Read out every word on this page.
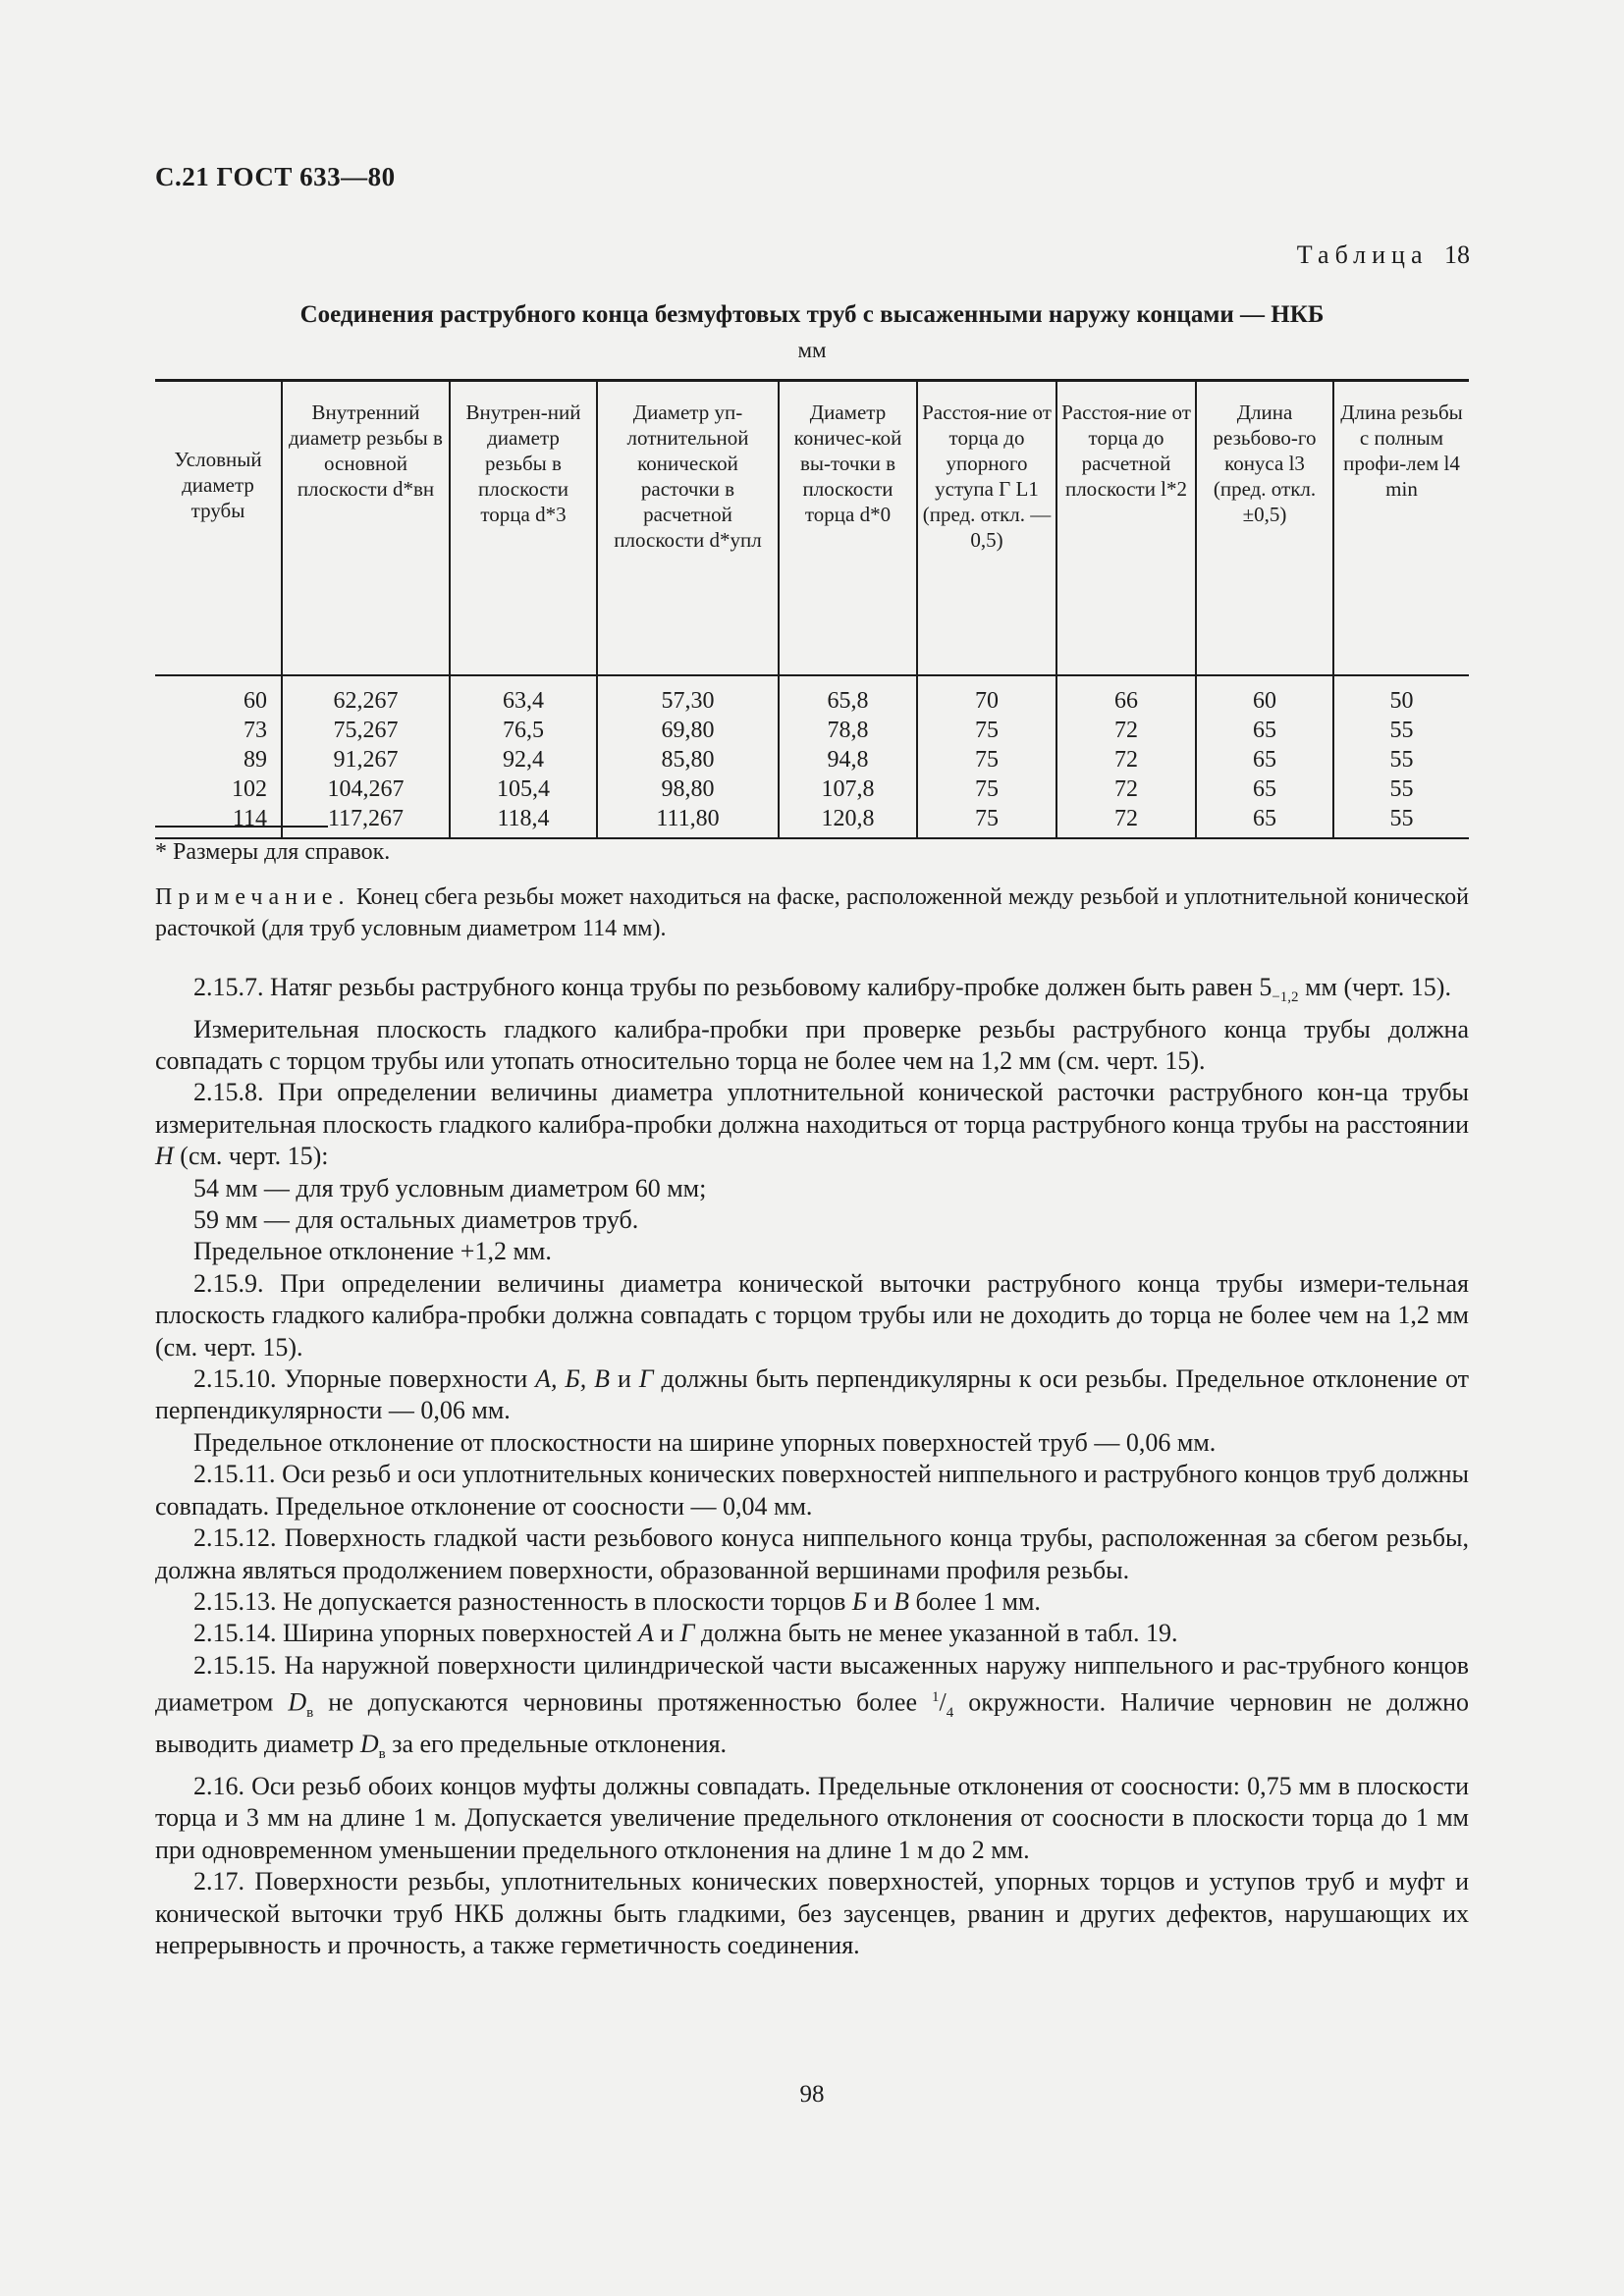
С.21 ГОСТ 633—80
Таблица 18
Соединения раструбного конца безмуфтовых труб с высаженными наружу концами — НКБ
мм
Условный диаметр трубы	Внутренний диаметр резьбы в основной плоскости d*вн	Внутрен-ний диаметр резьбы в плоскости торца d*3	Диаметр уп-лотнительной конической расточки в расчетной плоскости d*упл	Диаметр коничес-кой вы-точки в плоскости торца d*0	Расстоя-ние от торца до упорного уступа Г L1 (пред. откл. —0,5)	Расстоя-ние от торца до расчетной плоскости l*2	Длина резьбово-го конуса l3 (пред. откл. ±0,5)	Длина резьбы с полным профи-лем l4 min
60	62,267	63,4	57,30	65,8	70	66	60	50
73	75,267	76,5	69,80	78,8	75	72	65	55
89	91,267	92,4	85,80	94,8	75	72	65	55
102	104,267	105,4	98,80	107,8	75	72	65	55
114	117,267	118,4	111,80	120,8	75	72	65	55
* Размеры для справок.
Примечание. Конец сбега резьбы может находиться на фаске, расположенной между резьбой и уплотнительной конической расточкой (для труб условным диаметром 114 мм).

2.15.7. Натяг резьбы раструбного конца трубы по резьбовому калибру-пробке должен быть равен $5_{-1,2}$ мм (черт. 15).

Измерительная плоскость гладкого калибра-пробки при проверке резьбы раструбного конца трубы должна совпадать с торцом трубы или утопать относительно торца не более чем на 1,2 мм (см. черт. 15).

2.15.8. При определении величины диаметра уплотнительной конической расточки раструбного кон-ца трубы измерительная плоскость гладкого калибра-пробки должна находиться от торца раструбного конца трубы на расстоянии Н (см. черт. 15):

54 мм — для труб условным диаметром 60 мм;

59 мм — для остальных диаметров труб.

Предельное отклонение +1,2 мм.

2.15.9. При определении величины диаметра конической выточки раструбного конца трубы измери-тельная плоскость гладкого калибра-пробки должна совпадать с торцом трубы или не доходить до торца не более чем на 1,2 мм (см. черт. 15).

2.15.10. Упорные поверхности А, Б, В и Г должны быть перпендикулярны к оси резьбы. Предельное отклонение от перпендикулярности — 0,06 мм.

Предельное отклонение от плоскостности на ширине упорных поверхностей труб — 0,06 мм.

2.15.11. Оси резьб и оси уплотнительных конических поверхностей ниппельного и раструбного концов труб должны совпадать. Предельное отклонение от соосности — 0,04 мм.

2.15.12. Поверхность гладкой части резьбового конуса ниппельного конца трубы, расположенная за сбегом резьбы, должна являться продолжением поверхности, образованной вершинами профиля резьбы.

2.15.13. Не допускается разностенность в плоскости торцов Б и В более 1 мм.

2.15.14. Ширина упорных поверхностей А и Г должна быть не менее указанной в табл. 19.

2.15.15. На наружной поверхности цилиндрической части высаженных наружу ниппельного и рас-трубного концов диаметром $D_в$ не допускаются черновины протяженностью более $^1/_4$ окружности. Наличие черновин не должно выводить диаметр $D_в$ за его предельные отклонения.

2.16. Оси резьб обоих концов муфты должны совпадать. Предельные отклонения от соосности: 0,75 мм в плоскости торца и 3 мм на длине 1 м. Допускается увеличение предельного отклонения от соосности в плоскости торца до 1 мм при одновременном уменьшении предельного отклонения на длине 1 м до 2 мм.

2.17. Поверхности резьбы, уплотнительных конических поверхностей, упорных торцов и уступов труб и муфт и конической выточки труб НКБ должны быть гладкими, без заусенцев, рванин и других дефектов, нарушающих их непрерывность и прочность, а также герметичность соединения.

98
